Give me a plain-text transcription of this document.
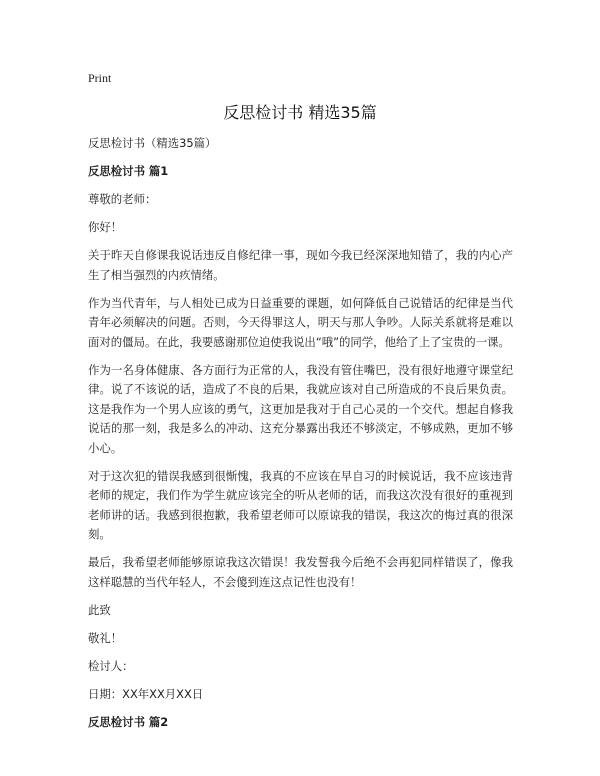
Print
反思检讨书 精选35篇

反思检讨书（精选35篇）

反思检讨书 篇1

尊敬的老师：

你好！

关于昨天自修课我说话违反自修纪律一事，现如今我已经深深地知错了，我的内心产生了相当强烈的内疚情绪。

作为当代青年，与人相处已成为日益重要的课题，如何降低自己说错话的纪律是当代青年必须解决的问题。否则，今天得罪这人，明天与那人争吵。人际关系就将是难以面对的僵局。在此，我要感谢那位迫使我说出“哦”的同学，他给了上了宝贵的一课。

作为一名身体健康、各方面行为正常的人，我没有管住嘴巴，没有很好地遵守课堂纪律。说了不该说的话，造成了不良的后果，我就应该对自己所造成的不良后果负责。这是我作为一个男人应该的勇气，这更加是我对于自己心灵的一个交代。想起自修我说话的那一刻，我是多么的冲动、这充分暴露出我还不够淡定，不够成熟，更加不够小心。

对于这次犯的错误我感到很惭愧，我真的不应该在早自习的时候说话，我不应该违背老师的规定，我们作为学生就应该完全的听从老师的话，而我这次没有很好的重视到老师讲的话。我感到很抱歉，我希望老师可以原谅我的错误，我这次的悔过真的很深刻。

最后，我希望老师能够原谅我这次错误！我发誓我今后绝不会再犯同样错误了，像我这样聪慧的当代年轻人，不会傻到连这点记性也没有！

此致

敬礼！

检讨人：

日期：XX年XX月XX日

反思检讨书 篇2
